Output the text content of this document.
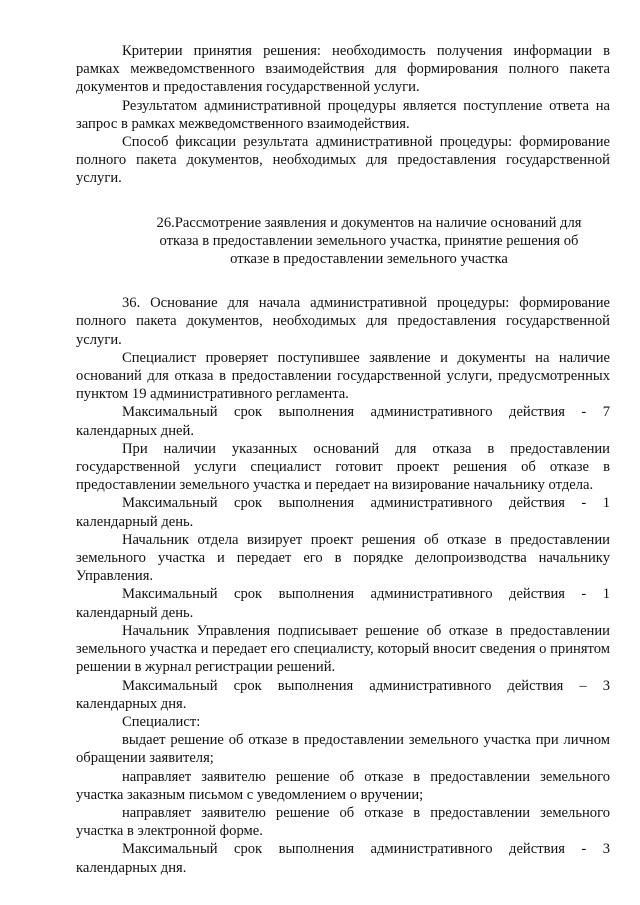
Критерии принятия решения: необходимость получения информации в рамках межведомственного взаимодействия для формирования полного пакета документов и предоставления государственной услуги.

Результатом административной процедуры является поступление ответа на запрос в рамках межведомственного взаимодействия.

Способ фиксации результата административной процедуры: формирование полного пакета документов, необходимых для предоставления государственной услуги.

26.Рассмотрение заявления и документов на наличие оснований для
отказа в предоставлении земельного участка, принятие решения об
отказе в предоставлении земельного участка

36. Основание для начала административной процедуры: формирование полного пакета документов, необходимых для предоставления государственной услуги.

Специалист проверяет поступившее заявление и документы на наличие оснований для отказа в предоставлении государственной услуги, предусмотренных пунктом 19 административного регламента.

Максимальный срок выполнения административного действия - 7 календарных дней.

При наличии указанных оснований для отказа в предоставлении государственной услуги специалист готовит проект решения об отказе в предоставлении земельного участка и передает на визирование начальнику отдела.

Максимальный срок выполнения административного действия - 1 календарный день.

Начальник отдела визирует проект решения об отказе в предоставлении земельного участка и передает его в порядке делопроизводства начальнику Управления.

Максимальный срок выполнения административного действия - 1 календарный день.

Начальник Управления подписывает решение об отказе в предоставлении земельного участка и передает его специалисту, который вносит сведения о принятом решении в журнал регистрации решений.

Максимальный срок выполнения административного действия – 3 календарных дня.

Специалист:

выдает решение об отказе в предоставлении земельного участка при личном обращении заявителя;

направляет заявителю решение об отказе в предоставлении земельного участка заказным письмом с уведомлением о вручении;

направляет заявителю решение об отказе в предоставлении земельного участка в электронной форме.

Максимальный срок выполнения административного действия - 3 календарных дня.
